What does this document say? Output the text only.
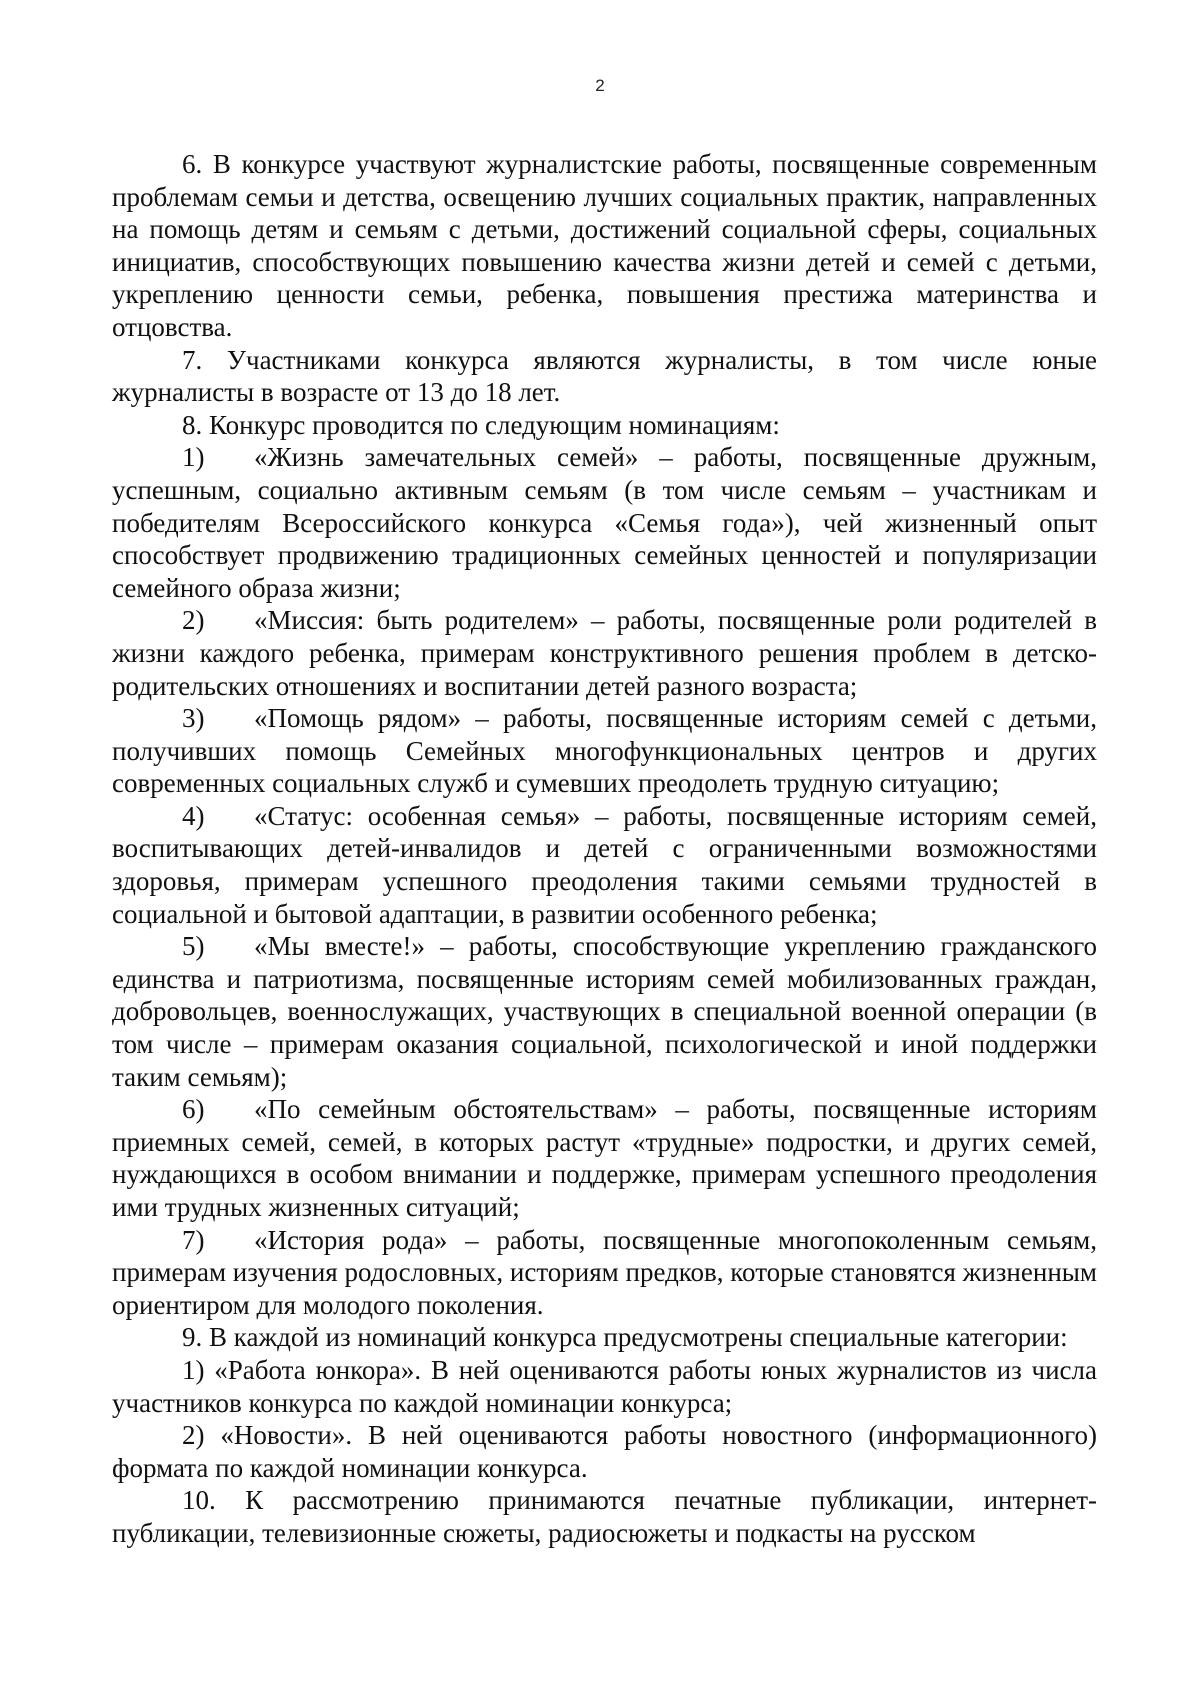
2

6. В конкурсе участвуют журналистские работы, посвященные современным проблемам семьи и детства, освещению лучших социальных практик, направленных на помощь детям и семьям с детьми, достижений социальной сферы, социальных инициатив, способствующих повышению качества жизни детей и семей с детьми, укреплению ценности семьи, ребенка, повышения престижа материнства и отцовства.

7. Участниками конкурса являются журналисты, в том числе юные журналисты в возрасте от 13 до 18 лет.

8. Конкурс проводится по следующим номинациям:

1) «Жизнь замечательных семей» – работы, посвященные дружным, успешным, социально активным семьям (в том числе семьям – участникам и победителям Всероссийского конкурса «Семья года»), чей жизненный опыт способствует продвижению традиционных семейных ценностей и популяризации семейного образа жизни;

2) «Миссия: быть родителем» – работы, посвященные роли родителей в жизни каждого ребенка, примерам конструктивного решения проблем в детско-родительских отношениях и воспитании детей разного возраста;

3) «Помощь рядом» – работы, посвященные историям семей с детьми, получивших помощь Семейных многофункциональных центров и других современных социальных служб и сумевших преодолеть трудную ситуацию;

4) «Статус: особенная семья» – работы, посвященные историям семей, воспитывающих детей-инвалидов и детей с ограниченными возможностями здоровья, примерам успешного преодоления такими семьями трудностей в социальной и бытовой адаптации, в развитии особенного ребенка;

5) «Мы вместе!» – работы, способствующие укреплению гражданского единства и патриотизма, посвященные историям семей мобилизованных граждан, добровольцев, военнослужащих, участвующих в специальной военной операции (в том числе – примерам оказания социальной, психологической и иной поддержки таким семьям);

6) «По семейным обстоятельствам» – работы, посвященные историям приемных семей, семей, в которых растут «трудные» подростки, и других семей, нуждающихся в особом внимании и поддержке, примерам успешного преодоления ими трудных жизненных ситуаций;

7) «История рода» – работы, посвященные многопоколенным семьям, примерам изучения родословных, историям предков, которые становятся жизненным ориентиром для молодого поколения.

9. В каждой из номинаций конкурса предусмотрены специальные категории:

1) «Работа юнкора». В ней оцениваются работы юных журналистов из числа участников конкурса по каждой номинации конкурса;

2) «Новости». В ней оцениваются работы новостного (информационного) формата по каждой номинации конкурса.

10. К рассмотрению принимаются печатные публикации, интернет-публикации, телевизионные сюжеты, радиосюжеты и подкасты на русском
